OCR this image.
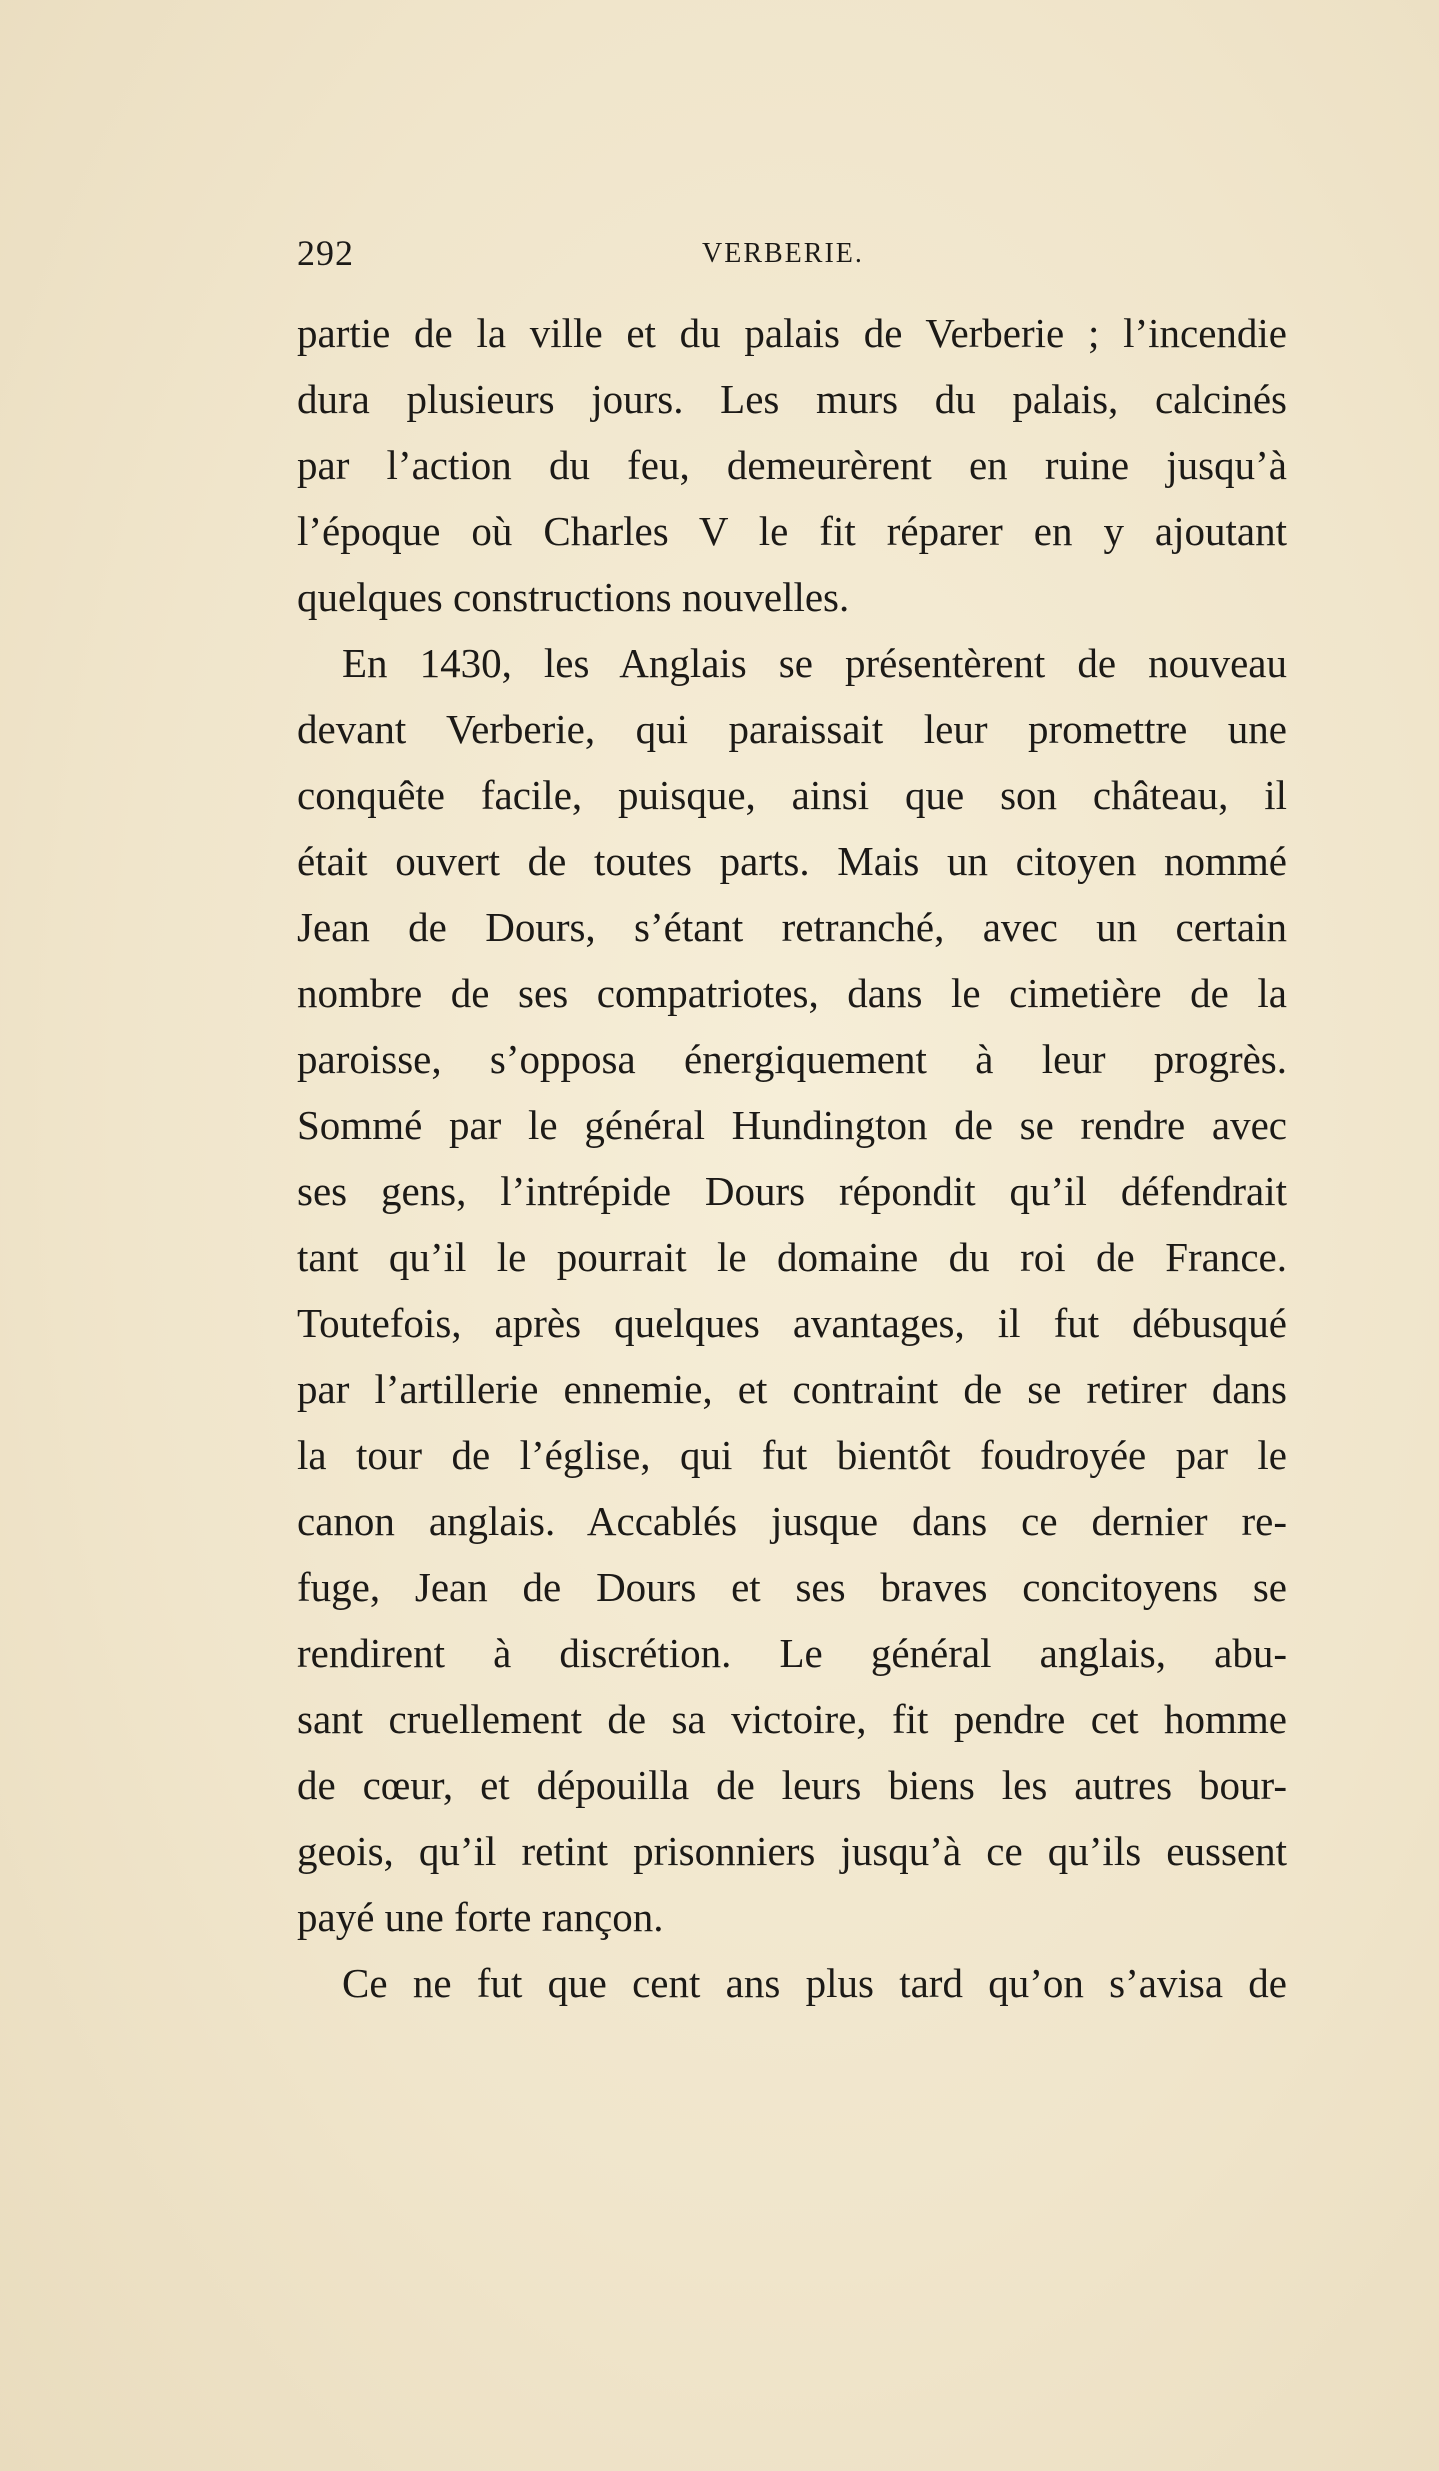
292	VERBERIE.
partie de la ville et du palais de Verberie ; l’incendie
dura plusieurs jours. Les murs du palais, calcinés
par l’action du feu, demeurèrent en ruine jusqu’à
l’époque où Charles V le fit réparer en y ajoutant
quelques constructions nouvelles.
En 1430, les Anglais se présentèrent de nouveau
devant Verberie, qui paraissait leur promettre une
conquête facile, puisque, ainsi que son château, il
était ouvert de toutes parts. Mais un citoyen nommé
Jean de Dours, s’étant retranché, avec un certain
nombre de ses compatriotes, dans le cimetière de la
paroisse, s’opposa énergiquement à leur progrès.
Sommé par le général Hundington de se rendre avec
ses gens, l’intrépide Dours répondit qu’il défendrait
tant qu’il le pourrait le domaine du roi de France.
Toutefois, après quelques avantages, il fut débusqué
par l’artillerie ennemie, et contraint de se retirer dans
la tour de l’église, qui fut bientôt foudroyée par le
canon anglais. Accablés jusque dans ce dernier re-
fuge, Jean de Dours et ses braves concitoyens se
rendirent à discrétion. Le général anglais, abu-
sant cruellement de sa victoire, fit pendre cet homme
de cœur, et dépouilla de leurs biens les autres bour-
geois, qu’il retint prisonniers jusqu’à ce qu’ils eussent
payé une forte rançon.
Ce ne fut que cent ans plus tard qu’on s’avisa de
